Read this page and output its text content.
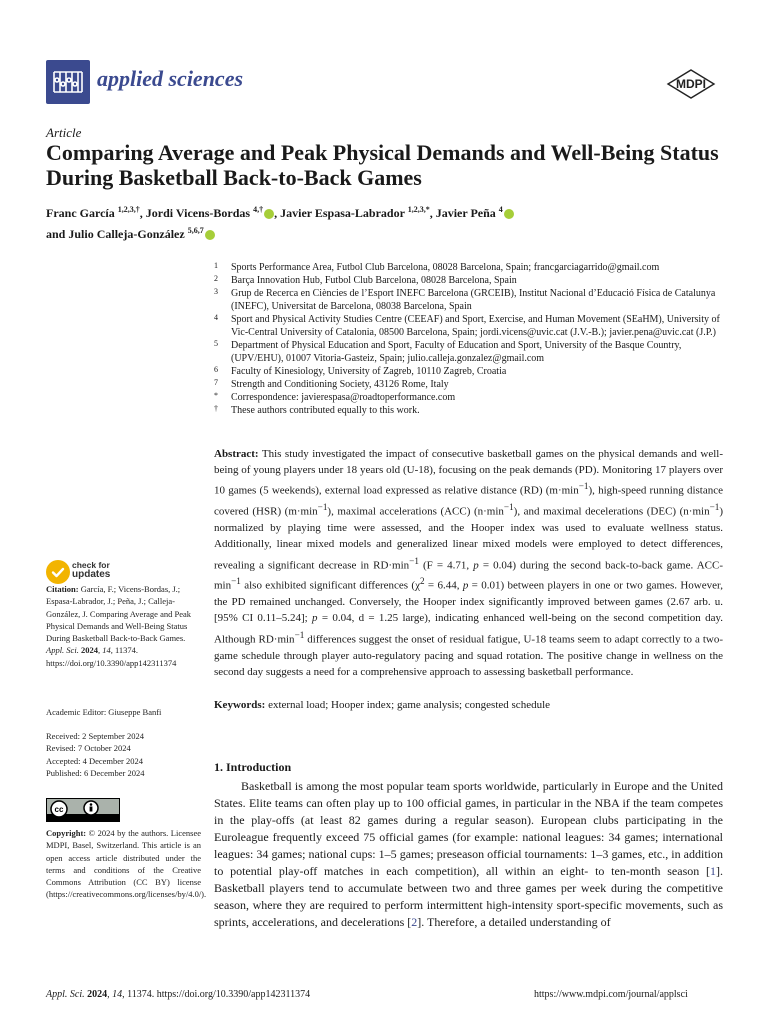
applied sciences	MDPI
Article
Comparing Average and Peak Physical Demands and Well-Being Status During Basketball Back-to-Back Games
Franc García $^{1,2,3,\dagger}$, Jordi Vicens-Bordas $^{4,\dagger}$ , Javier Espasa-Labrador $^{1,2,3,*}$, Javier Peña $^4$
and Julio Calleja-González $^{5,6,7}$
1 Sports Performance Area, Futbol Club Barcelona, 08028 Barcelona, Spain; francgarciagarrido@gmail.com
2 Barça Innovation Hub, Futbol Club Barcelona, 08028 Barcelona, Spain
3 Grup de Recerca en Ciències de l’Esport INEFC Barcelona (GRCEIB), Institut Nacional d’Educació Física de Catalunya (INEFC), Universitat de Barcelona, 08038 Barcelona, Spain
4 Sport and Physical Activity Studies Centre (CEEAF) and Sport, Exercise, and Human Movement (SEaHM), University of Vic-Central University of Catalonia, 08500 Barcelona, Spain; jordi.vicens@uvic.cat (J.V.-B.); javier.pena@uvic.cat (J.P.)
5 Department of Physical Education and Sport, Faculty of Education and Sport, University of the Basque Country, (UPV/EHU), 01007 Vitoria-Gasteiz, Spain; julio.calleja.gonzalez@gmail.com
6 Faculty of Kinesiology, University of Zagreb, 10110 Zagreb, Croatia
7 Strength and Conditioning Society, 43126 Rome, Italy
* Correspondence: javierespasa@roadtoperformance.com
† These authors contributed equally to this work.
Abstract: This study investigated the impact of consecutive basketball games on the physical demands and well-being of young players under 18 years old (U-18), focusing on the peak demands (PD). Monitoring 17 players over 10 games (5 weekends), external load expressed as relative distance (RD) $(m\cdot\min^{-1})$, high-speed running distance covered (HSR) $(m\cdot\min^{-1})$, maximal accelerations (ACC) $(n\cdot\min^{-1})$, and maximal decelerations (DEC) $(n\cdot\min^{-1})$ normalized by playing time were assessed, and the Hooper index was used to evaluate wellness status. Additionally, linear mixed models and generalized linear mixed models were employed to detect differences, revealing a significant decrease in $RD\cdot\min^{-1}$ (F = 4.71, p = 0.04) during the second back-to-back game. ACC-$\min^{-1}$ also exhibited significant differences ($\chi^2 = 6.44$, p = 0.01) between players in one or two games. However, the PD remained unchanged. Conversely, the Hooper index significantly improved between games (2.67 arb. u. [95% CI 0.11–5.24]; p = 0.04, d = 1.25 large), indicating enhanced well-being on the second competition day. Although $RD\cdot\min^{-1}$ differences suggest the onset of residual fatigue, U-18 teams seem to adapt correctly to a two-game schedule through player auto-regulatory pacing and squad rotation. The positive change in wellness on the second day suggests a need for a comprehensive approach to assessing basketball performance.
Keywords: external load; Hooper index; game analysis; congested schedule
check for
updates
Citation: García, F.; Vicens-Bordas, J.; Espasa-Labrador, J.; Peña, J.; Calleja-González, J. Comparing Average and Peak Physical Demands and Well-Being Status During Basketball Back-to-Back Games. Appl. Sci. 2024, 14, 11374. https://doi.org/10.3390/app142311374
Academic Editor: Giuseppe Banfi
Received: 2 September 2024
Revised: 7 October 2024
Accepted: 4 December 2024
Published: 6 December 2024
cc
Copyright: © 2024 by the authors. Licensee MDPI, Basel, Switzerland. This article is an open access article distributed under the terms and conditions of the Creative Commons Attribution (CC BY) license (https://creativecommons.org/licenses/by/4.0/).
1. Introduction
Basketball is among the most popular team sports worldwide, particularly in Europe and the United States. Elite teams can often play up to 100 official games, in particular in the NBA if the team competes in the play-offs (at least 82 games during a regular season). European clubs participating in the Euroleague frequently exceed 75 official games (for example: national leagues: 34 games; international leagues: 34 games; national cups: 1–5 games; preseason official tournaments: 1–3 games, etc., in addition to potential play-off matches in each competition), all within an eight- to ten-month season [1]. Basketball players tend to accumulate between two and three games per week during the competitive season, where they are required to perform intermittent high-intensity sport-specific movements, such as sprints, accelerations, and decelerations [2]. Therefore, a detailed understanding of
Appl. Sci. 2024, 14, 11374. https://doi.org/10.3390/app142311374	https://www.mdpi.com/journal/applsci
